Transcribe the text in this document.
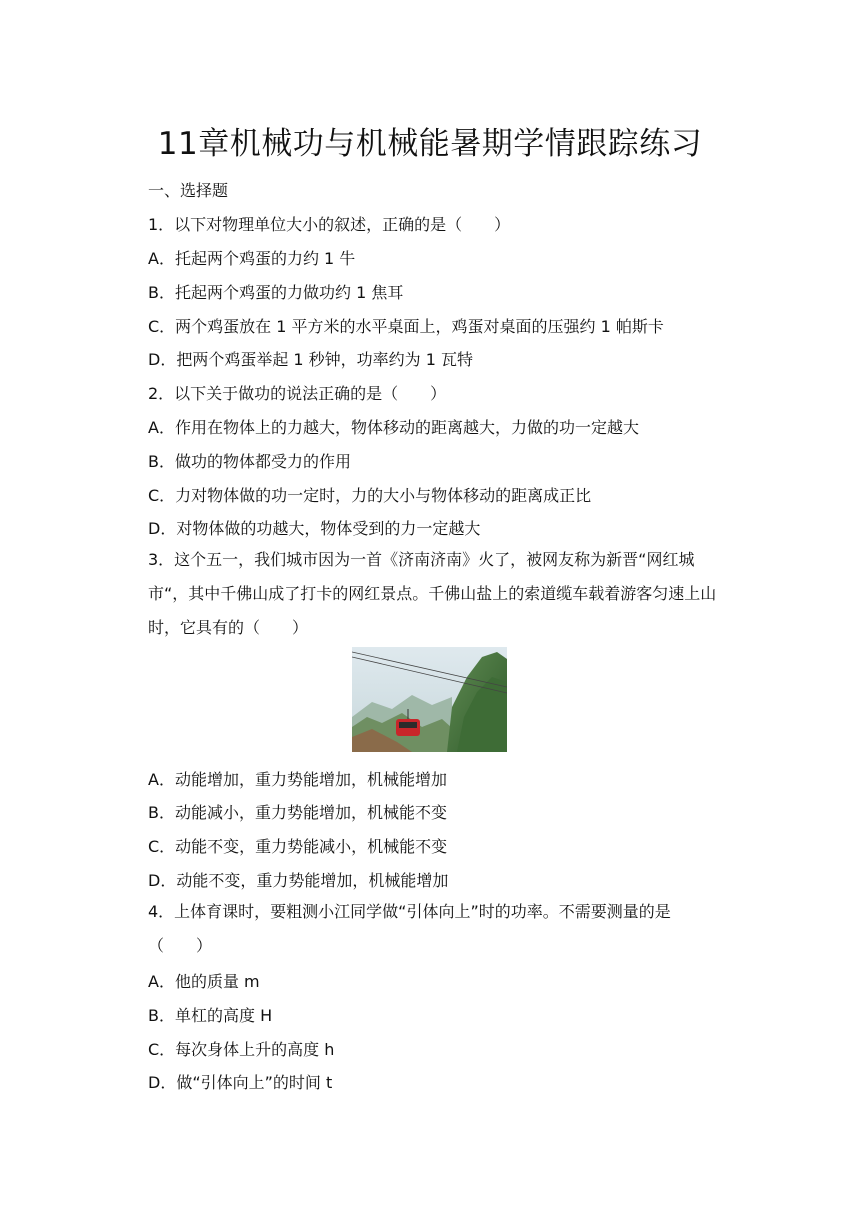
11章机械功与机械能暑期学情跟踪练习
一、选择题
1．以下对物理单位大小的叙述，正确的是（　　）
A．托起两个鸡蛋的力约 1 牛
B．托起两个鸡蛋的力做功约 1 焦耳
C．两个鸡蛋放在 1 平方米的水平桌面上，鸡蛋对桌面的压强约 1 帕斯卡
D．把两个鸡蛋举起 1 秒钟，功率约为 1 瓦特
2．以下关于做功的说法正确的是（　　）
A．作用在物体上的力越大，物体移动的距离越大，力做的功一定越大
B．做功的物体都受力的作用
C．力对物体做的功一定时，力的大小与物体移动的距离成正比
D．对物体做的功越大，物体受到的力一定越大
3．这个五一，我们城市因为一首《济南济南》火了，被网友称为新晋“网红城市“，其中千佛山成了打卡的网红景点。千佛山盐上的索道缆车载着游客匀速上山时，它具有的（　　）
A．动能增加，重力势能增加，机械能增加
B．动能减小，重力势能增加，机械能不变
C．动能不变，重力势能减小，机械能不变
D．动能不变，重力势能增加，机械能增加
4．上体育课时，要粗测小江同学做“引体向上”时的功率。不需要测量的是（　　）
A．他的质量 m
B．单杠的高度 H
C．每次身体上升的高度 h
D．做“引体向上”的时间 t
